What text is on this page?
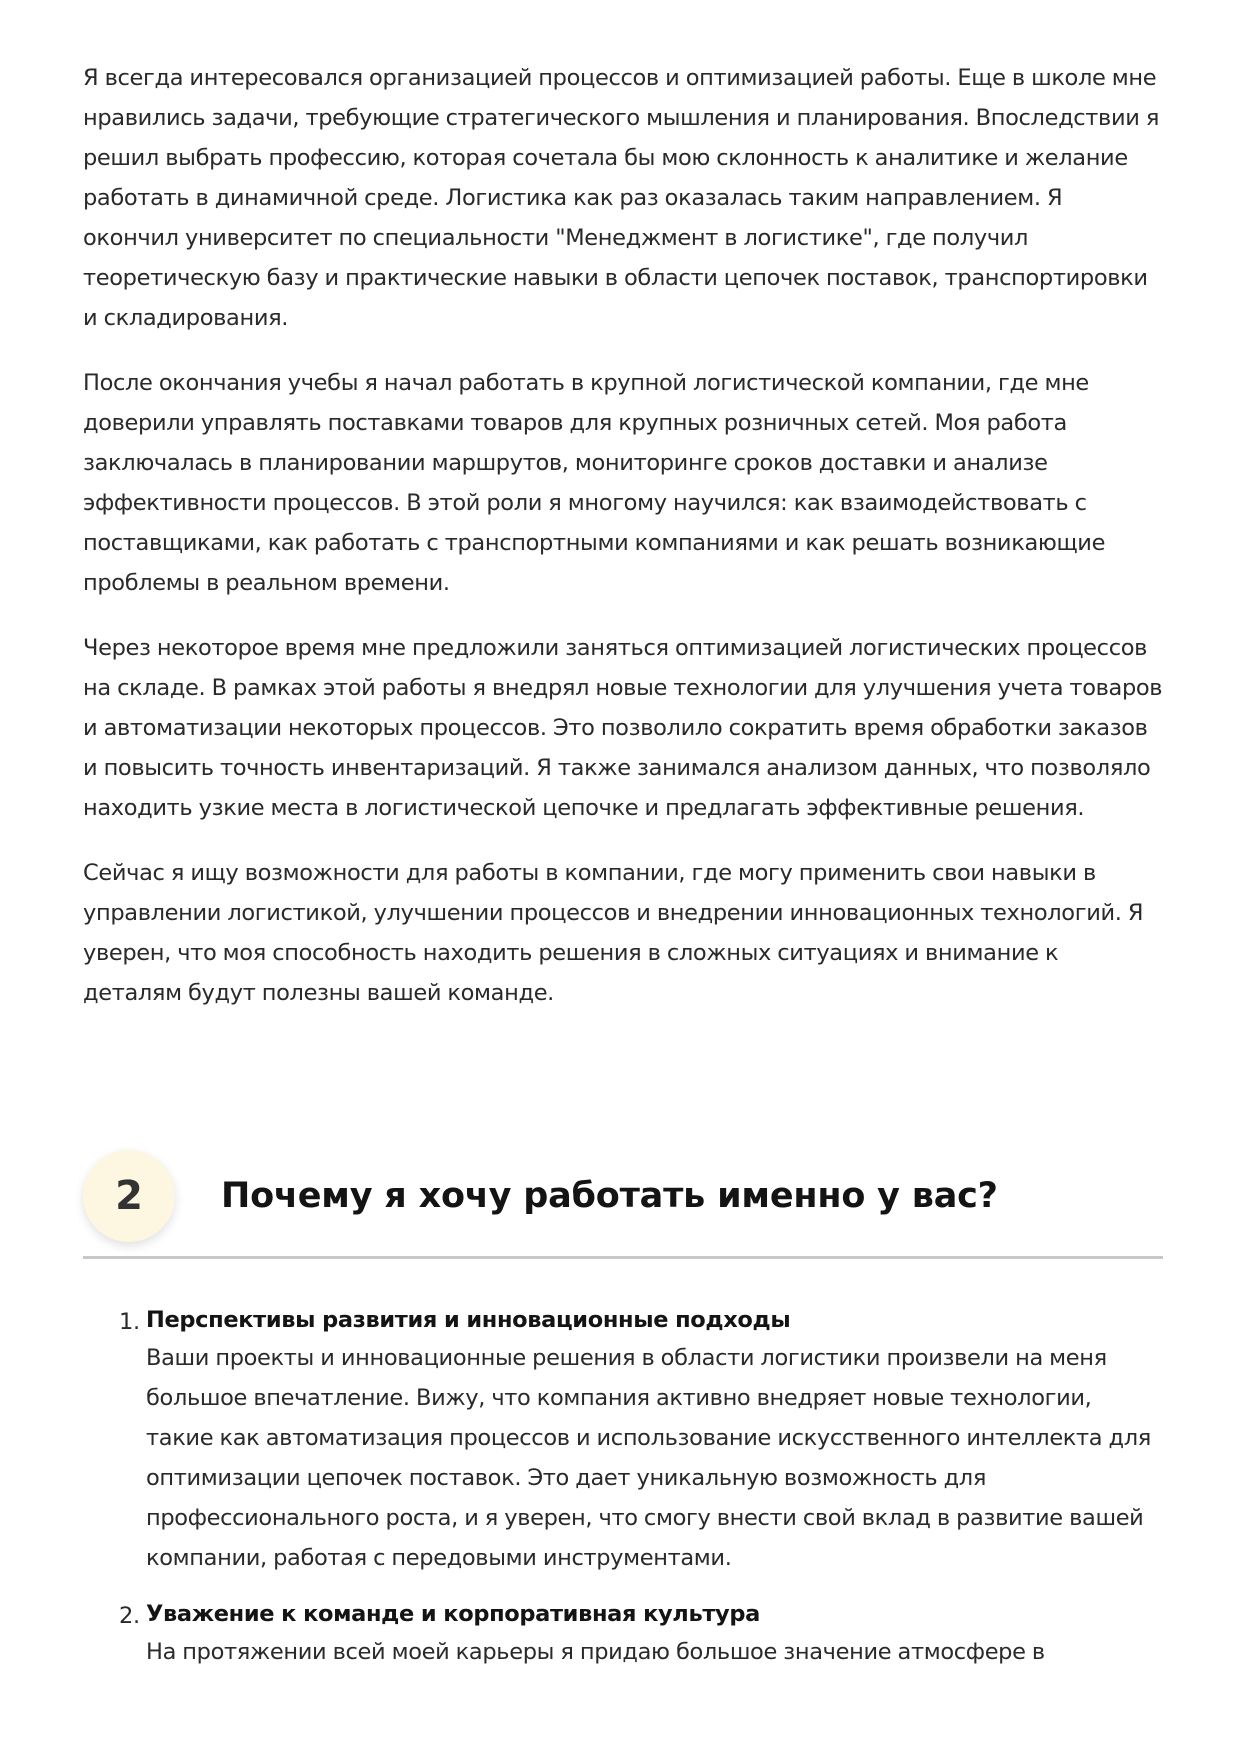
Я всегда интересовался организацией процессов и оптимизацией работы. Еще в школе мне нравились задачи, требующие стратегического мышления и планирования. Впоследствии я решил выбрать профессию, которая сочетала бы мою склонность к аналитике и желание работать в динамичной среде. Логистика как раз оказалась таким направлением. Я окончил университет по специальности "Менеджмент в логистике", где получил теоретическую базу и практические навыки в области цепочек поставок, транспортировки и складирования.

После окончания учебы я начал работать в крупной логистической компании, где мне доверили управлять поставками товаров для крупных розничных сетей. Моя работа заключалась в планировании маршрутов, мониторинге сроков доставки и анализе эффективности процессов. В этой роли я многому научился: как взаимодействовать с поставщиками, как работать с транспортными компаниями и как решать возникающие проблемы в реальном времени.

Через некоторое время мне предложили заняться оптимизацией логистических процессов на складе. В рамках этой работы я внедрял новые технологии для улучшения учета товаров и автоматизации некоторых процессов. Это позволило сократить время обработки заказов и повысить точность инвентаризаций. Я также занимался анализом данных, что позволяло находить узкие места в логистической цепочке и предлагать эффективные решения.

Сейчас я ищу возможности для работы в компании, где могу применить свои навыки в управлении логистикой, улучшении процессов и внедрении инновационных технологий. Я уверен, что моя способность находить решения в сложных ситуациях и внимание к деталям будут полезны вашей команде.

2	Почему я хочу работать именно у вас?
1. Перспективы развития и инновационные подходы
Ваши проекты и инновационные решения в области логистики произвели на меня большое впечатление. Вижу, что компания активно внедряет новые технологии, такие как автоматизация процессов и использование искусственного интеллекта для оптимизации цепочек поставок. Это дает уникальную возможность для профессионального роста, и я уверен, что смогу внести свой вклад в развитие вашей компании, работая с передовыми инструментами.
2. Уважение к команде и корпоративная культура
На протяжении всей моей карьеры я придаю большое значение атмосфере в
